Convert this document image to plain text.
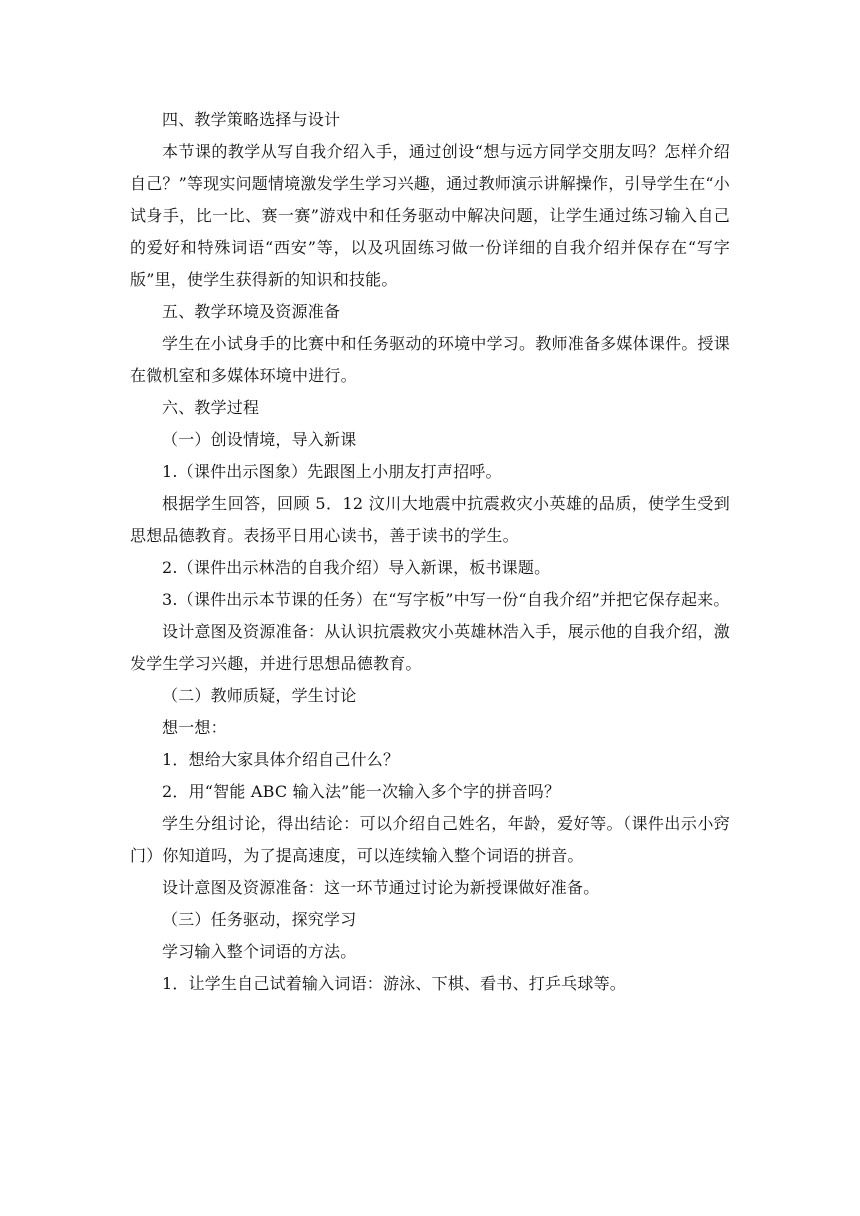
四、教学策略选择与设计

本节课的教学从写自我介绍入手，通过创设“想与远方同学交朋友吗？怎样介绍自己？”等现实问题情境激发学生学习兴趣，通过教师演示讲解操作，引导学生在“小试身手，比一比、赛一赛”游戏中和任务驱动中解决问题，让学生通过练习输入自己的爱好和特殊词语“西安”等，以及巩固练习做一份详细的自我介绍并保存在“写字版”里，使学生获得新的知识和技能。

五、教学环境及资源准备

学生在小试身手的比赛中和任务驱动的环境中学习。教师准备多媒体课件。授课在微机室和多媒体环境中进行。

六、教学过程

（一）创设情境，导入新课

1.（课件出示图象）先跟图上小朋友打声招呼。

根据学生回答，回顾 5．12 汶川大地震中抗震救灾小英雄的品质，使学生受到思想品德教育。表扬平日用心读书，善于读书的学生。

2.（课件出示林浩的自我介绍）导入新课，板书课题。

3.（课件出示本节课的任务）在“写字板”中写一份“自我介绍”并把它保存起来。

设计意图及资源准备：从认识抗震救灾小英雄林浩入手，展示他的自我介绍，激发学生学习兴趣，并进行思想品德教育。

（二）教师质疑，学生讨论

想一想：

1．想给大家具体介绍自己什么？

2．用“智能 ABC 输入法”能一次输入多个字的拼音吗？

学生分组讨论，得出结论：可以介绍自己姓名，年龄，爱好等。（课件出示小窍门）你知道吗，为了提高速度，可以连续输入整个词语的拼音。

设计意图及资源准备：这一环节通过讨论为新授课做好准备。

（三）任务驱动，探究学习

学习输入整个词语的方法。

1．让学生自己试着输入词语：游泳、下棋、看书、打乒乓球等。
